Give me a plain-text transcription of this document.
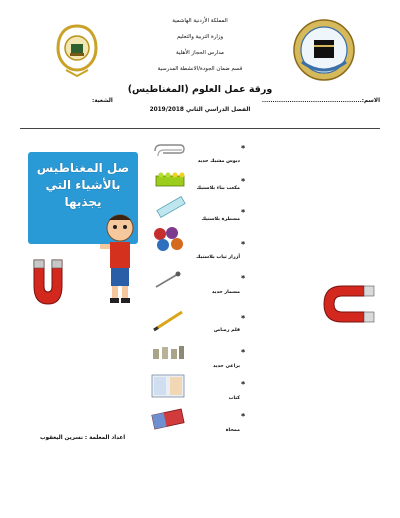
المملكة الأردنية الهاشمية
وزارة التربية والتعليم
مدارس الحجاز الأهلية
قسم ضمان الجودة/الانشطة المدرسية
ورقة عمل العلوم (المغناطيس)
الفصل الدراسي الثاني 2019/2018
الاسم:...............................................
الشعبة:
صل المغناطيس
بالأشياء التي
يجذبها
*
*
*
*
*
*
*
*
*
دبوس مشبك حديد
مكعب بناء بلاستيك
مسطرة بلاستيك
أزرار ثياب بلاستيك
مسمار حديد
قلم رصاص
براغي حديد
كتاب
ممحاة
اعداد المعلمة : نسرين اليعقوب
